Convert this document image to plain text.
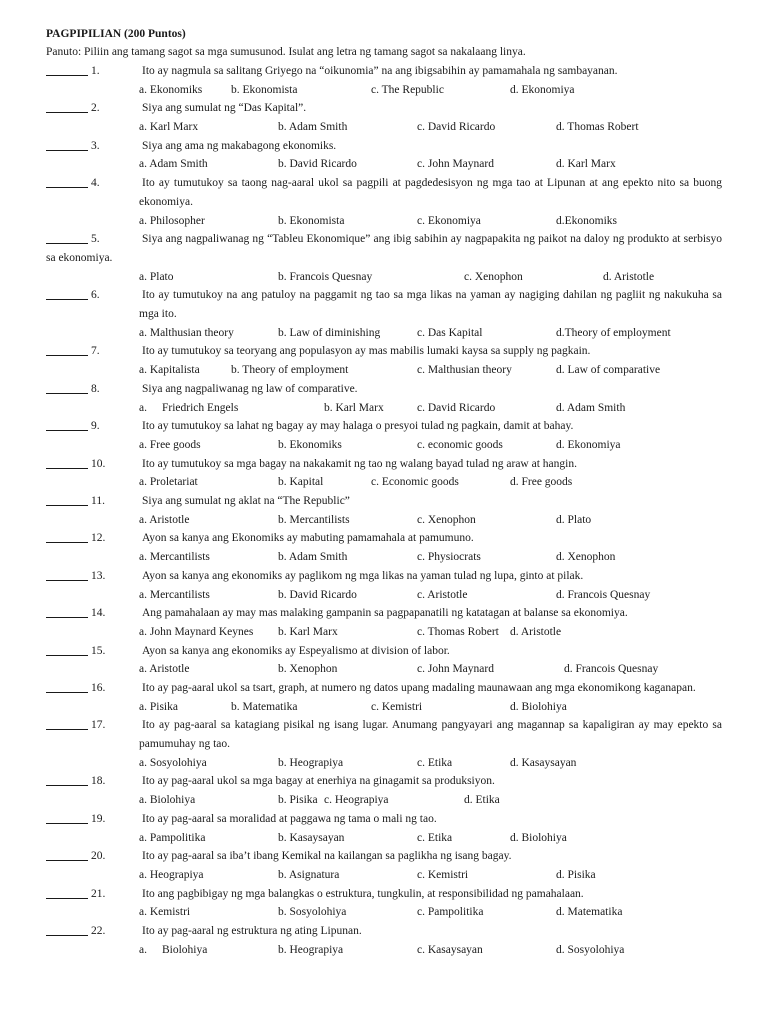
PAGPIPILIAN (200 Puntos)
Panuto: Piliin ang tamang sagot sa mga sumusunod. Isulat ang letra ng tamang sagot sa nakalaang linya.
1.	Ito ay nagmula sa salitang Griyego na “oikunomia” na ang ibigsabihin ay pamamahala ng sambayanan.
a. Ekonomiks	b. Ekonomista	c. The Republic	d. Ekonomiya
2.	Siya ang sumulat ng “Das Kapital”.
a. Karl Marx	b. Adam Smith	c. David Ricardo	d. Thomas Robert
3.	Siya ang ama ng makabagong ekonomiks.
a. Adam Smith	b. David Ricardo	c. John Maynard	d. Karl Marx
4.	Ito ay tumutukoy sa taong nag-aaral ukol sa pagpili at pagdedesisyon ng mga tao at Lipunan at ang epekto nito sa buong
ekonomiya.
a. Philosopher	b. Ekonomista	c. Ekonomiya	d.Ekonomiks
5.	Siya ang nagpaliwanag ng “Tableu Ekonomique” ang ibig sabihin ay nagpapakita ng paikot na daloy ng produkto at serbisyo
sa ekonomiya.
a. Plato	b. Francois Quesnay	c. Xenophon	d. Aristotle
6.	Ito ay tumutukoy na ang patuloy na paggamit ng tao sa mga likas na yaman ay nagiging dahilan ng pagliit ng nakukuha sa
mga ito.
a. Malthusian theory	b. Law of diminishing	c. Das Kapital	d.Theory of employment
7.	Ito ay tumutukoy sa teoryang ang populasyon ay mas mabilis lumaki kaysa sa supply ng pagkain.
a. Kapitalista	b. Theory of employment	c. Malthusian theory	d. Law of comparative
8.	Siya ang nagpaliwanag ng law of comparative.
a. Friedrich Engels	b. Karl Marx	c. David Ricardo	d. Adam Smith
9.	Ito ay tumutukoy sa lahat ng bagay ay may halaga o presyoi tulad ng pagkain, damit at bahay.
a. Free goods	b. Ekonomiks	c. economic goods	d. Ekonomiya
10.	Ito ay tumutukoy sa mga bagay na nakakamit ng tao ng walang bayad tulad ng araw at hangin.
a. Proletariat	b. Kapital	c. Economic goods	d. Free goods
11.	Siya ang sumulat ng aklat na “The Republic”
a. Aristotle	b. Mercantilists	c. Xenophon	d. Plato
12.	Ayon sa kanya ang Ekonomiks ay mabuting pamamahala at pamumuno.
a. Mercantilists	b. Adam Smith	c. Physiocrats	d. Xenophon
13.	Ayon sa kanya ang ekonomiks ay paglikom ng mga likas na yaman tulad ng lupa, ginto at pilak.
a. Mercantilists	b. David Ricardo	c. Aristotle	d. Francois Quesnay
14.	Ang pamahalaan ay may mas malaking gampanin sa pagpapanatili ng katatagan at balanse sa ekonomiya.
a. John Maynard Keynes b. Karl Marx	c. Thomas Robert d. Aristotle
15.	Ayon sa kanya ang ekonomiks ay Espeyalismo at division of labor.
a. Aristotle	b. Xenophon	c. John Maynard	d. Francois Quesnay
16.	Ito ay pag-aaral ukol sa tsart, graph, at numero ng datos upang madaling maunawaan ang mga ekonomikong kaganapan.
a. Pisika	b. Matematika	c. Kemistri	d. Biolohiya
17.	Ito ay pag-aaral sa katagiang pisikal ng isang lugar. Anumang pangyayari ang magannap sa kapaligiran ay may epekto sa
pamumuhay ng tao.
a. Sosyolohiya	b. Heograpiya	c. Etika	d. Kasaysayan
18.	Ito ay pag-aaral ukol sa mga bagay at enerhiya na ginagamit sa produksiyon.
a. Biolohiya	b. Pisika c. Heograpiya	d. Etika
19.	Ito ay pag-aaral sa moralidad at paggawa ng tama o mali ng tao.
a. Pampolitika	b. Kasaysayan	c. Etika	d. Biolohiya
20.	Ito ay pag-aaral sa iba’t ibang Kemikal na kailangan sa paglikha ng isang bagay.
a. Heograpiya	b. Asignatura	c. Kemistri	d. Pisika
21.	Ito ang pagbibigay ng mga balangkas o estruktura, tungkulin, at responsibilidad ng pamahalaan.
a. Kemistri	b. Sosyolohiya	c. Pampolitika	d. Matematika
22.	Ito ay pag-aaral ng estruktura ng ating Lipunan.
a. Biolohiya	b. Heograpiya	c. Kasaysayan	d. Sosyolohiya
